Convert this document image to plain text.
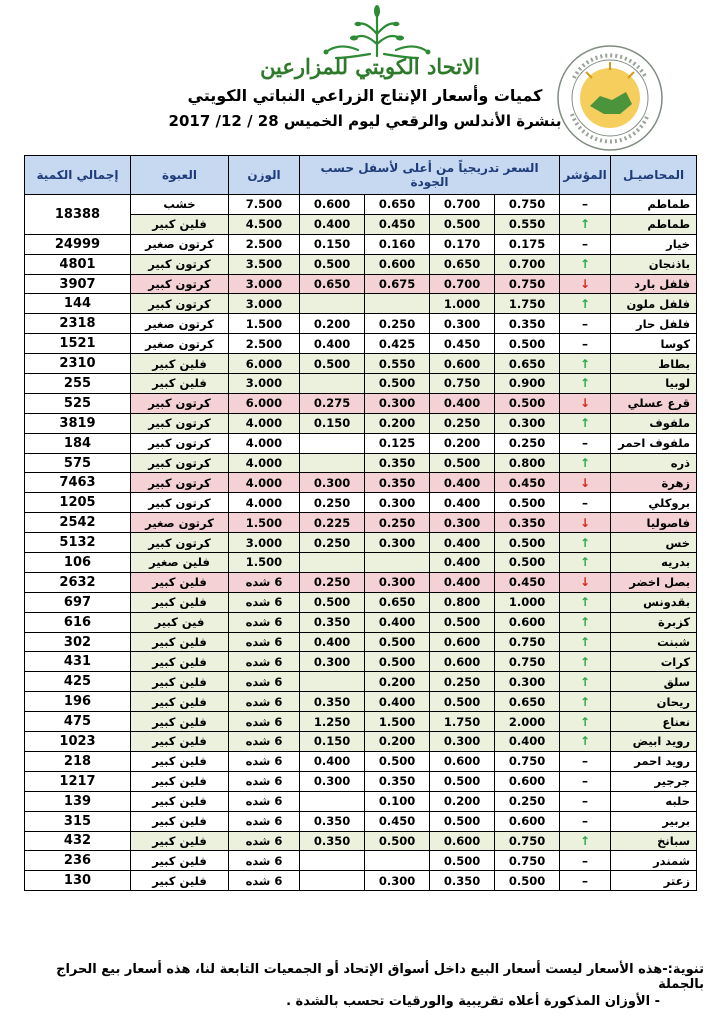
الاتحاد الكويتي للمزارعين
كميات وأسعار الإنتاج الزراعي النباتي الكويتي
بنشرة الأندلس والرقعي ليوم الخميس 28 / 12/ 2017
المحاصيـل	المؤشر	السعر تدريجياً من أعلى لأسفل حسب الجودة				الوزن	العبوة	إجمالي الكمية
طماطم	–	0.750	0.700	0.650	0.600	7.500	خشب	18388
طماطم	↑	0.550	0.500	0.450	0.400	4.500	فلين كبير	
خيار	–	0.175	0.170	0.160	0.150	2.500	كرتون صغير	24999
باذنجان	↑	0.700	0.650	0.600	0.500	3.500	كرتون كبير	4801
فلفل بارد	↓	0.750	0.700	0.675	0.650	3.000	كرتون كبير	3907
فلفل ملون	↑	1.750	1.000			3.000	كرتون كبير	144
فلفل حار	–	0.350	0.300	0.250	0.200	1.500	كرتون صغير	2318
كوسا	–	0.500	0.450	0.425	0.400	2.500	كرتون صغير	1521
بطاط	↑	0.650	0.600	0.550	0.500	6.000	فلين كبير	2310
لوبيا	↑	0.900	0.750	0.500		3.000	فلين كبير	255
قرع عسلي	↓	0.500	0.400	0.300	0.275	6.000	كرتون كبير	525
ملفوف	↑	0.300	0.250	0.200	0.150	4.000	كرتون كبير	3819
ملفوف احمر	–	0.250	0.200	0.125		4.000	كرتون كبير	184
ذره	↑	0.800	0.500	0.350		4.000	كرتون كبير	575
زهرة	↓	0.450	0.400	0.350	0.300	4.000	كرتون كبير	7463
بروكلي	–	0.500	0.400	0.300	0.250	4.000	كرتون كبير	1205
فاصوليا	↓	0.350	0.300	0.250	0.225	1.500	كرتون صغير	2542
خس	↑	0.500	0.400	0.300	0.250	3.000	كرتون كبير	5132
بدريه	↑	0.500	0.400			1.500	فلين صغير	106
بصل اخضر	↓	0.450	0.400	0.300	0.250	6 شده	فلين كبير	2632
بقدونس	↑	1.000	0.800	0.650	0.500	6 شده	فلين كبير	697
كزبرة	↑	0.600	0.500	0.400	0.350	6 شده	فين كبير	616
شبنت	↑	0.750	0.600	0.500	0.400	6 شده	فلين كبير	302
كرات	↑	0.750	0.600	0.500	0.300	6 شده	فلين كبير	431
سلق	↑	0.300	0.250	0.200		6 شده	فلين كبير	425
ريحان	↑	0.650	0.500	0.400	0.350	6 شده	فلين كبير	196
نعناع	↑	2.000	1.750	1.500	1.250	6 شده	فلين كبير	475
رويد ابيض	↑	0.400	0.300	0.200	0.150	6 شده	فلين كبير	1023
رويد احمر	–	0.750	0.600	0.500	0.400	6 شده	فلين كبير	218
جرجير	–	0.600	0.500	0.350	0.300	6 شده	فلين كبير	1217
حلبه	–	0.250	0.200	0.100		6 شده	فلين كبير	139
بربير	–	0.600	0.500	0.450	0.350	6 شده	فلين كبير	315
سبانخ	↑	0.750	0.600	0.500	0.350	6 شده	فلين كبير	432
شمندر	–	0.750	0.500			6 شده	فلين كبير	236
زعتر	–	0.500	0.350	0.300		6 شده	فلين كبير	130
تنوية:-هذه الأسعار ليست أسعار البيع داخل أسواق الإتحاد أو الجمعيات التابعة لنا، هذه أسعار بيع الحراج بالجملة
- الأوزان المذكورة أعلاه تقريبية والورقيات تحسب بالشدة .
